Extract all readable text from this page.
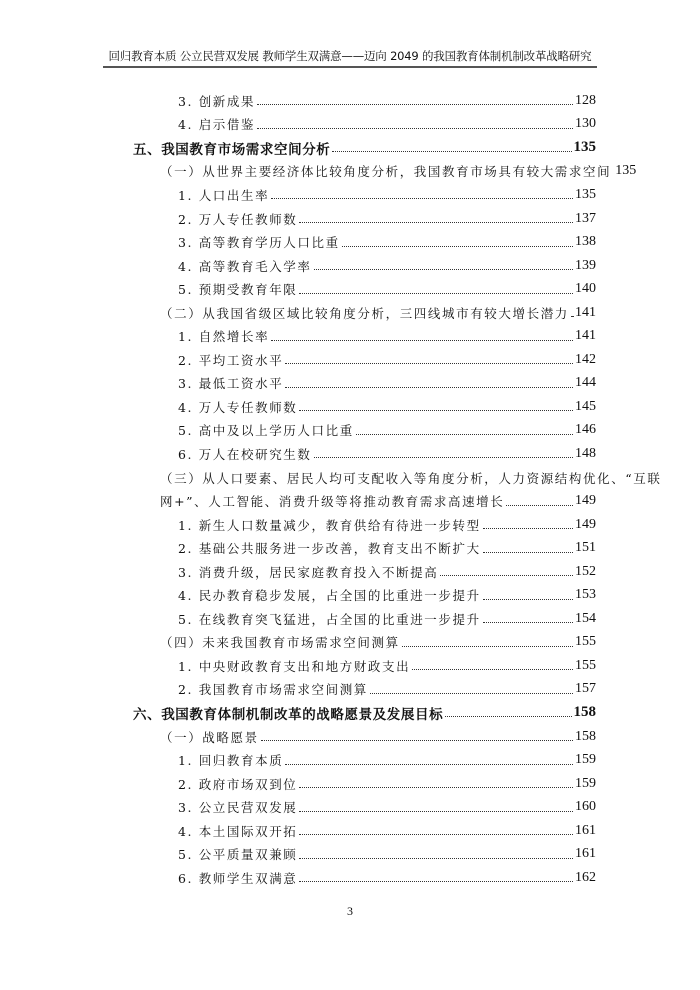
回归教育本质 公立民营双发展 教师学生双满意——迈向 2049 的我国教育体制机制改革战略研究
3. 创新成果	128
4. 启示借鉴	130
五、我国教育市场需求空间分析	135
（一）从世界主要经济体比较角度分析，我国教育市场具有较大需求空间 135
1. 人口出生率	135
2. 万人专任教师数	137
3. 高等教育学历人口比重	138
4. 高等教育毛入学率	139
5. 预期受教育年限	140
（二）从我国省级区域比较角度分析，三四线城市有较大增长潜力 141
1. 自然增长率	141
2. 平均工资水平	142
3. 最低工资水平	144
4. 万人专任教师数	145
5. 高中及以上学历人口比重	146
6. 万人在校研究生数	148
（三）从人口要素、居民人均可支配收入等角度分析，人力资源结构优化、“互联
网+”、人工智能、消费升级等将推动教育需求高速增长	149
1. 新生人口数量减少，教育供给有待进一步转型	149
2. 基础公共服务进一步改善，教育支出不断扩大	151
3. 消费升级，居民家庭教育投入不断提高	152
4. 民办教育稳步发展，占全国的比重进一步提升	153
5. 在线教育突飞猛进，占全国的比重进一步提升	154
（四）未来我国教育市场需求空间测算	155
1. 中央财政教育支出和地方财政支出	155
2. 我国教育市场需求空间测算	157
六、我国教育体制机制改革的战略愿景及发展目标	158
（一）战略愿景	158
1. 回归教育本质	159
2. 政府市场双到位	159
3. 公立民营双发展	160
4. 本土国际双开拓	161
5. 公平质量双兼顾	161
6. 教师学生双满意	162
3
